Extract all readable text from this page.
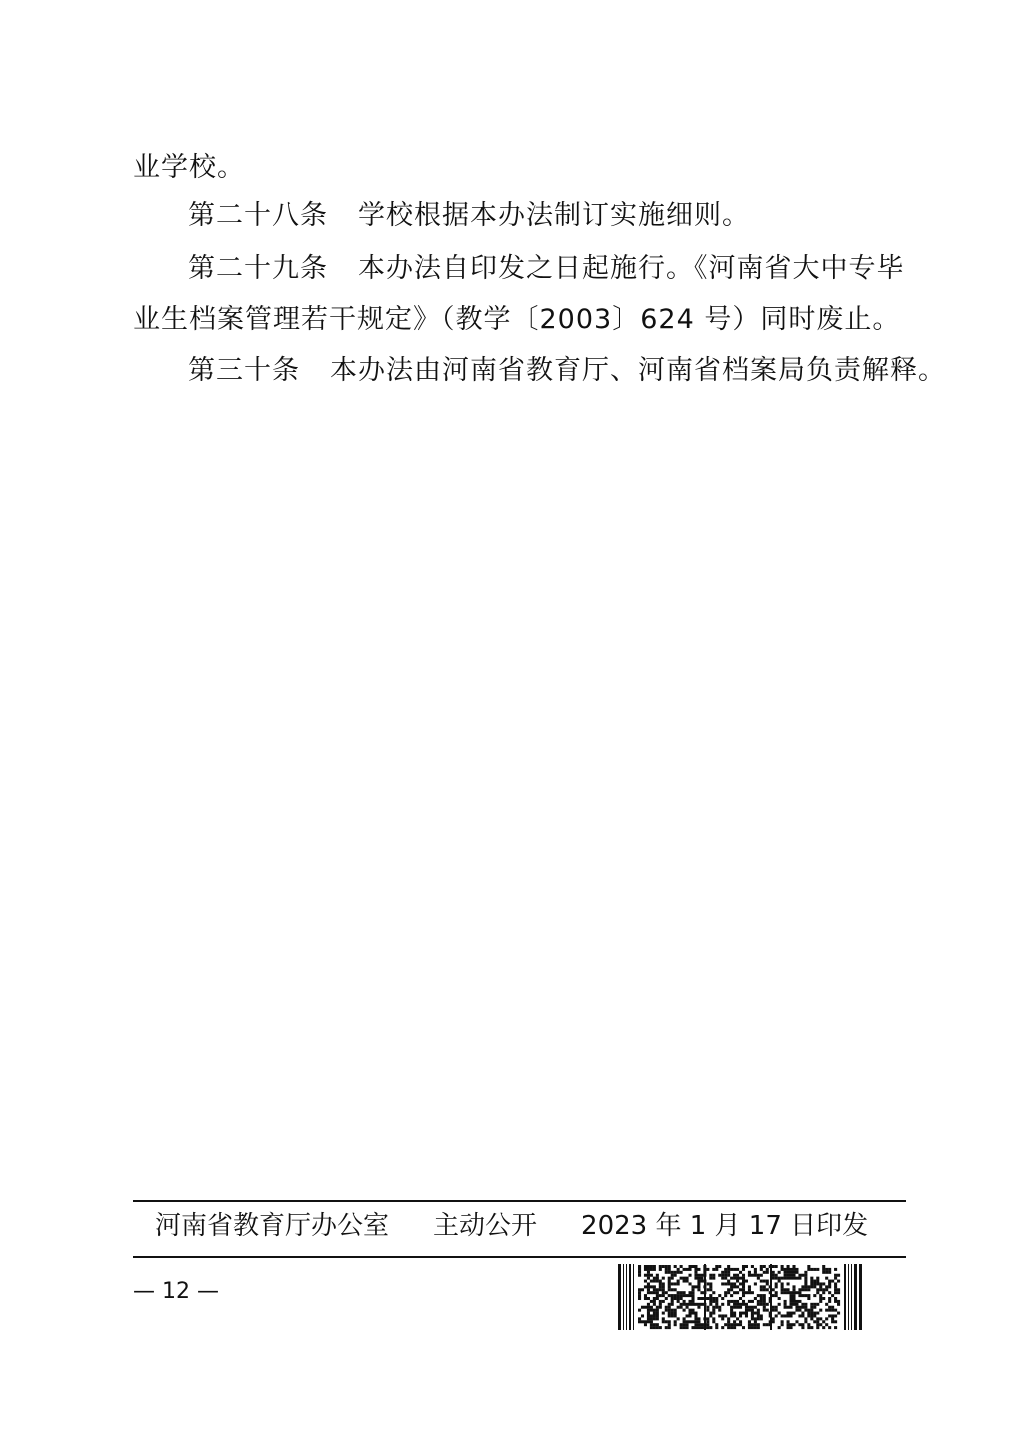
业学校。
第二十八条 学校根据本办法制订实施细则。
第二十九条 本办法自印发之日起施行。《河南省大中专毕
业生档案管理若干规定》（教学〔2003〕624 号）同时废止。
第三十条 本办法由河南省教育厅、河南省档案局负责解释。
河南省教育厅办公室 主动公开 2023 年 1 月 17 日印发
— 12 —
